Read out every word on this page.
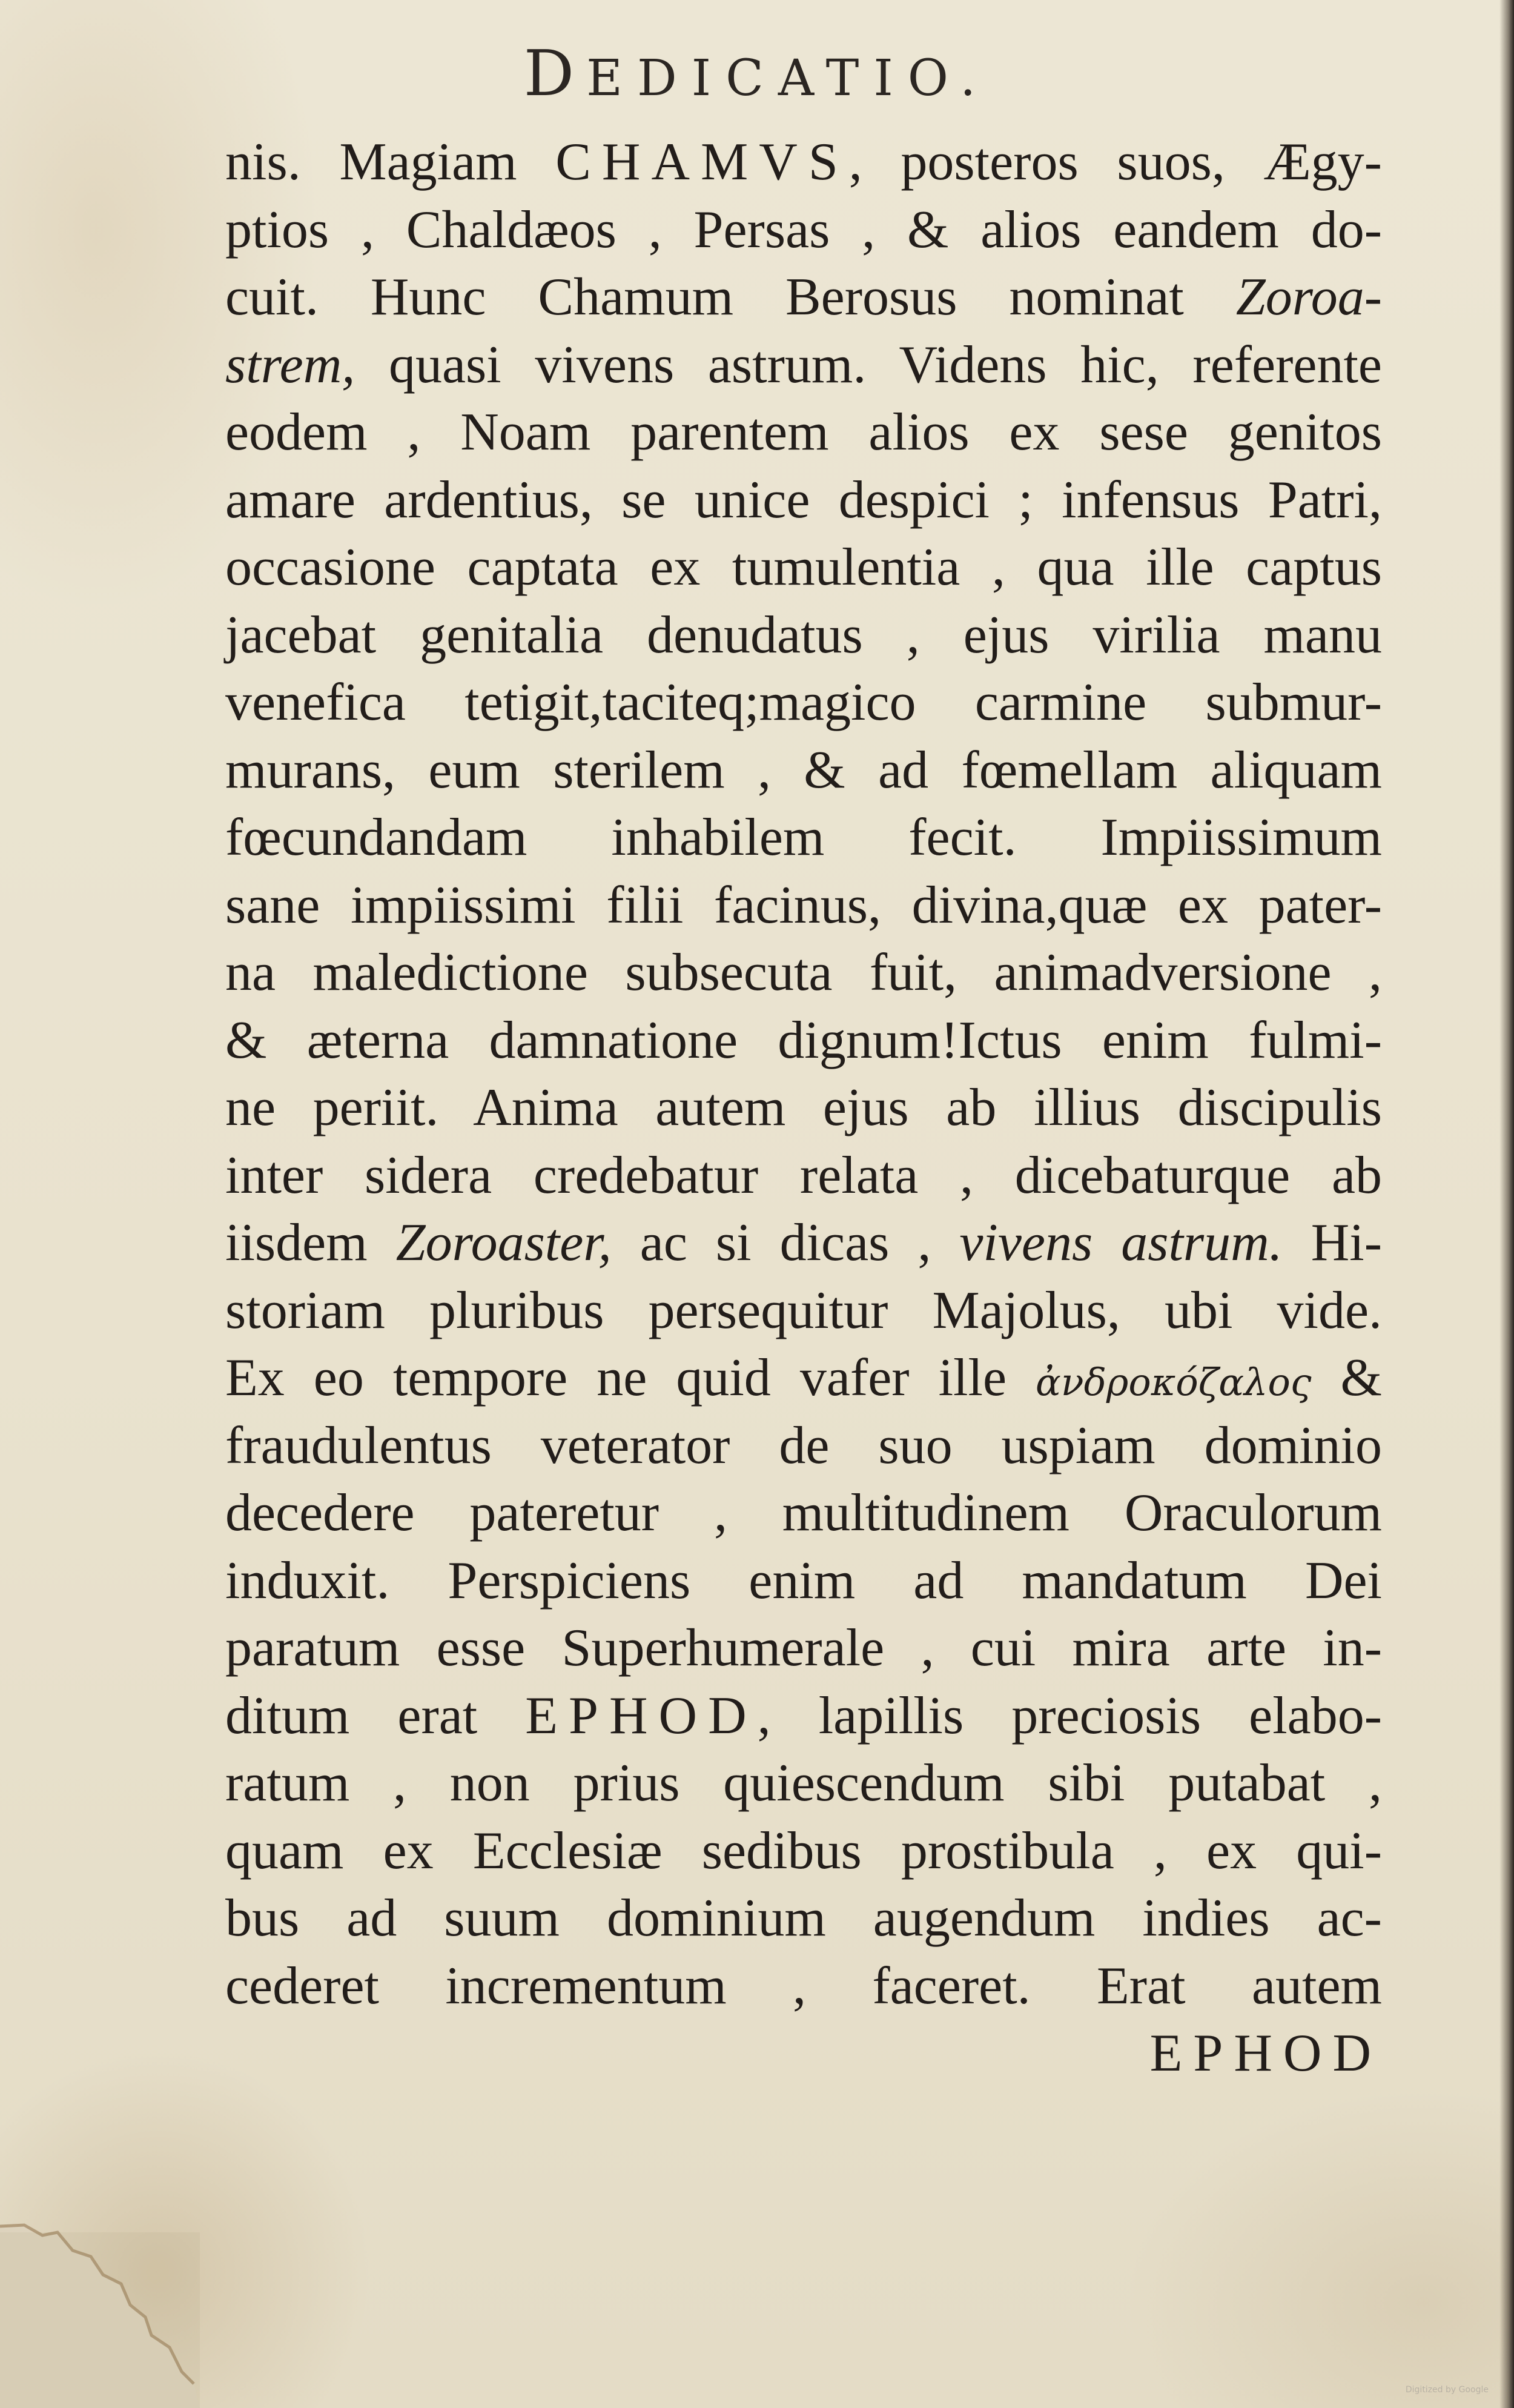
DEDICATIO.
nis. Magiam CHAMVS, posteros suos, Ægy-
ptios , Chaldæos , Persas , & alios eandem do-
cuit. Hunc Chamum Berosus nominat Zoroa-
strem, quasi vivens astrum. Videns hic, referente
eodem , Noam parentem alios ex sese genitos
amare ardentius, se unice despici ; infensus Patri,
occasione captata ex tumulentia , qua ille captus
jacebat genitalia denudatus , ejus virilia manu
venefica tetigit,taciteq;magico carmine submur-
murans, eum sterilem , & ad fœmellam aliquam
fœcundandam inhabilem fecit. Impiissimum
sane impiissimi filii facinus, divina,quæ ex pater-
na maledictione subsecuta fuit, animadversione ,
& æterna damnatione dignum!Ictus enim fulmi-
ne periit. Anima autem ejus ab illius discipulis
inter sidera credebatur relata , dicebaturque ab
iisdem Zoroaster, ac si dicas , vivens astrum. Hi-
storiam pluribus persequitur Majolus, ubi vide.
Ex eo tempore ne quid vafer ille ἀνδροκόζαλος &
fraudulentus veterator de suo uspiam dominio
decedere pateretur , multitudinem Oraculorum
induxit. Perspiciens enim ad mandatum Dei
paratum esse Superhumerale , cui mira arte in-
ditum erat EPHOD, lapillis preciosis elabo-
ratum , non prius quiescendum sibi putabat ,
quam ex Ecclesiæ sedibus prostibula , ex qui-
bus ad suum dominium augendum indies ac-
cederet incrementum , faceret. Erat autem
EPHOD
Digitized by Google
